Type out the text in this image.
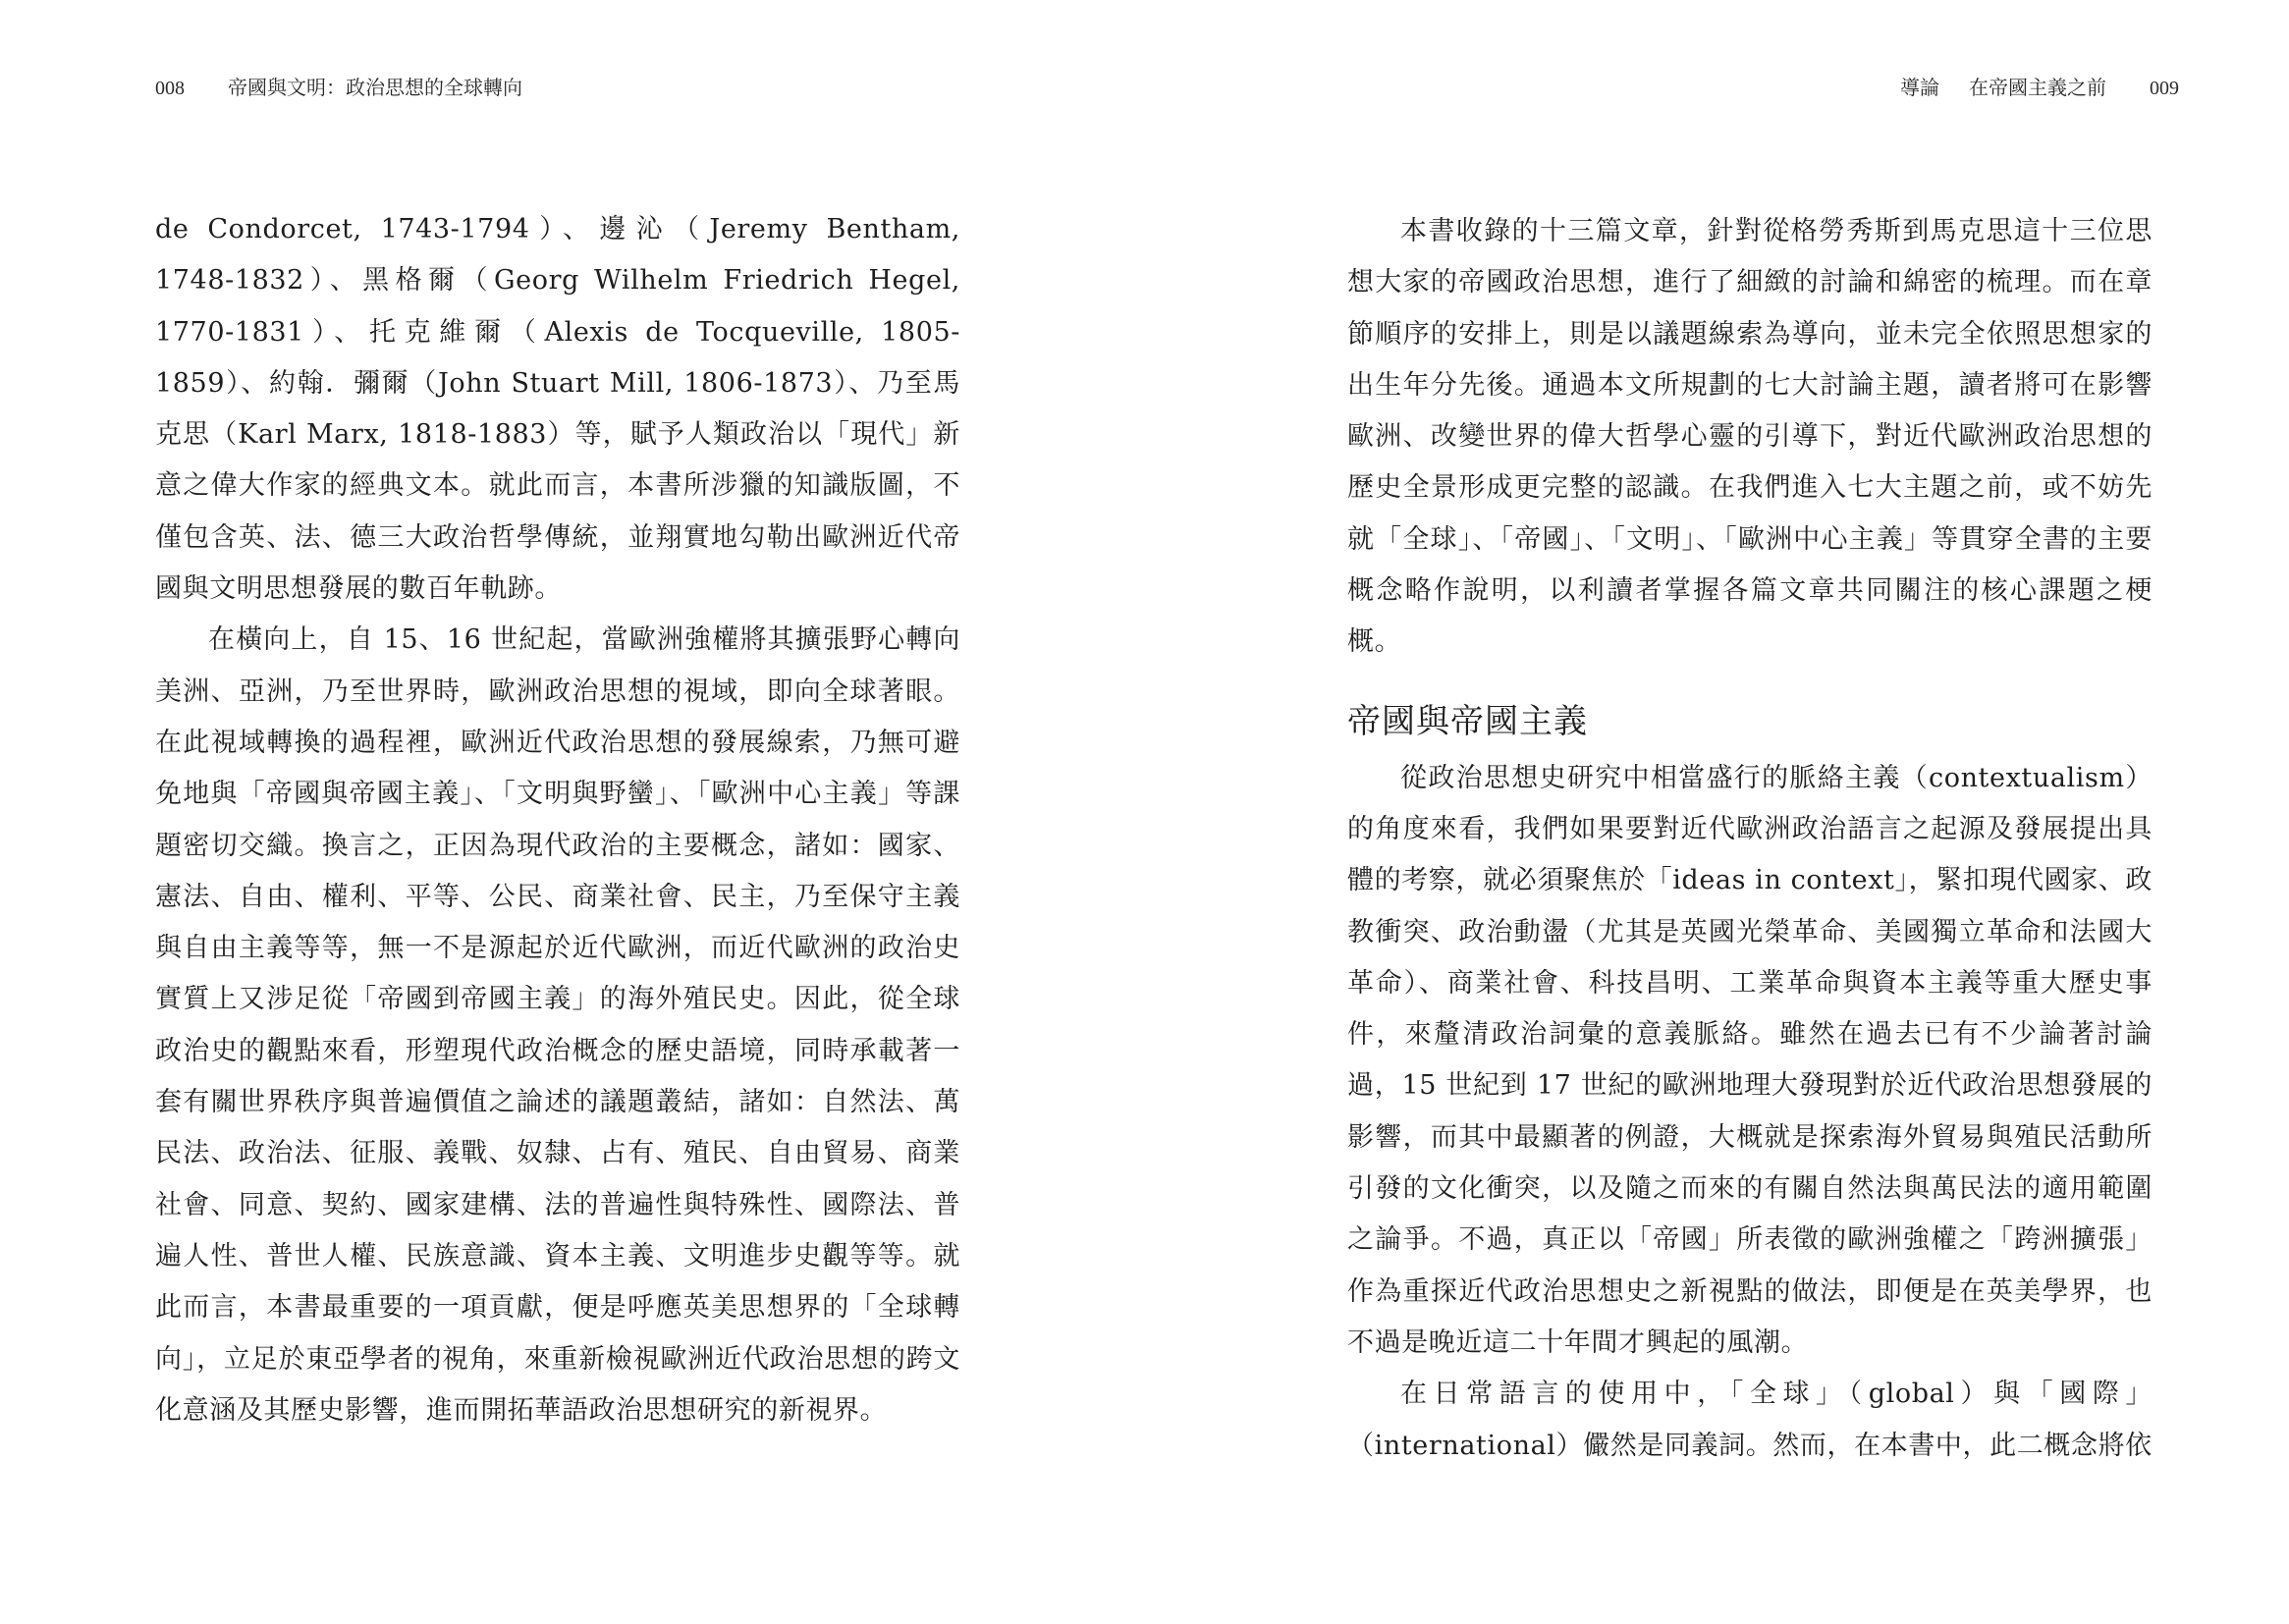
008 帝國與文明：政治思想的全球轉向

de Condorcet, 1743-1794）、邊沁（Jeremy Bentham, 1748-1832）、黑格爾（Georg Wilhelm Friedrich Hegel, 1770-1831）、托克維爾（Alexis de Tocqueville, 1805-1859）、約翰．彌爾（John Stuart Mill, 1806-1873）、乃至馬克思（Karl Marx, 1818-1883）等，賦予人類政治以「現代」新意之偉大作家的經典文本。就此而言，本書所涉獵的知識版圖，不僅包含英、法、德三大政治哲學傳統，並翔實地勾勒出歐洲近代帝國與文明思想發展的數百年軌跡。

在橫向上，自 15、16 世紀起，當歐洲強權將其擴張野心轉向美洲、亞洲，乃至世界時，歐洲政治思想的視域，即向全球著眼。在此視域轉換的過程裡，歐洲近代政治思想的發展線索，乃無可避免地與「帝國與帝國主義」、「文明與野蠻」、「歐洲中心主義」等課題密切交織。換言之，正因為現代政治的主要概念，諸如：國家、憲法、自由、權利、平等、公民、商業社會、民主，乃至保守主義與自由主義等等，無一不是源起於近代歐洲，而近代歐洲的政治史實質上又涉足從「帝國到帝國主義」的海外殖民史。因此，從全球政治史的觀點來看，形塑現代政治概念的歷史語境，同時承載著一套有關世界秩序與普遍價值之論述的議題叢結，諸如：自然法、萬民法、政治法、征服、義戰、奴隸、占有、殖民、自由貿易、商業社會、同意、契約、國家建構、法的普遍性與特殊性、國際法、普遍人性、普世人權、民族意識、資本主義、文明進步史觀等等。就此而言，本書最重要的一項貢獻，便是呼應英美思想界的「全球轉向」，立足於東亞學者的視角，來重新檢視歐洲近代政治思想的跨文化意涵及其歷史影響，進而開拓華語政治思想研究的新視界。

導論 在帝國主義之前 009

本書收錄的十三篇文章，針對從格勞秀斯到馬克思這十三位思想大家的帝國政治思想，進行了細緻的討論和綿密的梳理。而在章節順序的安排上，則是以議題線索為導向，並未完全依照思想家的出生年分先後。通過本文所規劃的七大討論主題，讀者將可在影響歐洲、改變世界的偉大哲學心靈的引導下，對近代歐洲政治思想的歷史全景形成更完整的認識。在我們進入七大主題之前，或不妨先就「全球」、「帝國」、「文明」、「歐洲中心主義」等貫穿全書的主要概念略作說明，以利讀者掌握各篇文章共同關注的核心課題之梗概。

帝國與帝國主義

從政治思想史研究中相當盛行的脈絡主義（contextualism）的角度來看，我們如果要對近代歐洲政治語言之起源及發展提出具體的考察，就必須聚焦於「ideas in context」，緊扣現代國家、政教衝突、政治動盪（尤其是英國光榮革命、美國獨立革命和法國大革命）、商業社會、科技昌明、工業革命與資本主義等重大歷史事件，來釐清政治詞彙的意義脈絡。雖然在過去已有不少論著討論過，15 世紀到 17 世紀的歐洲地理大發現對於近代政治思想發展的影響，而其中最顯著的例證，大概就是探索海外貿易與殖民活動所引發的文化衝突，以及隨之而來的有關自然法與萬民法的適用範圍之論爭。不過，真正以「帝國」所表徵的歐洲強權之「跨洲擴張」作為重探近代政治思想史之新視點的做法，即便是在英美學界，也不過是晚近這二十年間才興起的風潮。

在日常語言的使用中，「全球」（global）與「國際」（international）儼然是同義詞。然而，在本書中，此二概念將依
